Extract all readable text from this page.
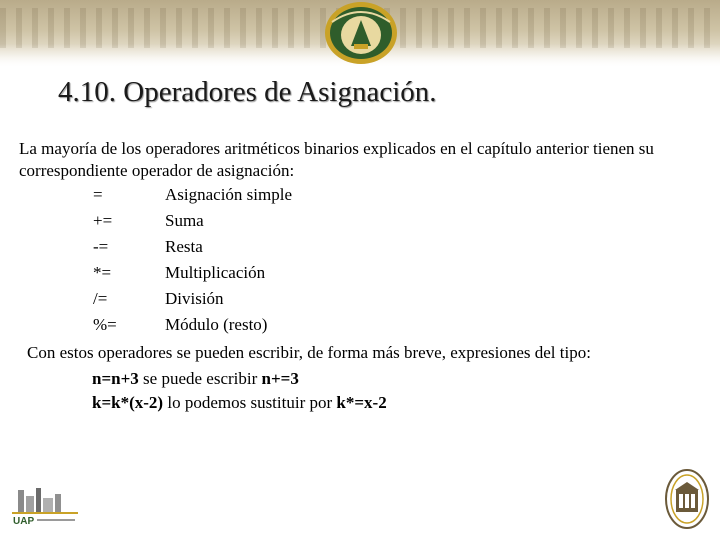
4.10. Operadores de Asignación.
La mayoría de los operadores aritméticos binarios explicados en el capítulo anterior tienen su correspondiente operador de asignación:
=	Asignación simple
+=	Suma
-=	Resta
*=	Multiplicación
/=	División
%=	Módulo (resto)
Con estos operadores se pueden escribir, de forma más breve, expresiones del tipo:
n=n+3 se puede escribir n+=3
k=k*(x-2) lo podemos sustituir por k*=x-2
UAP
